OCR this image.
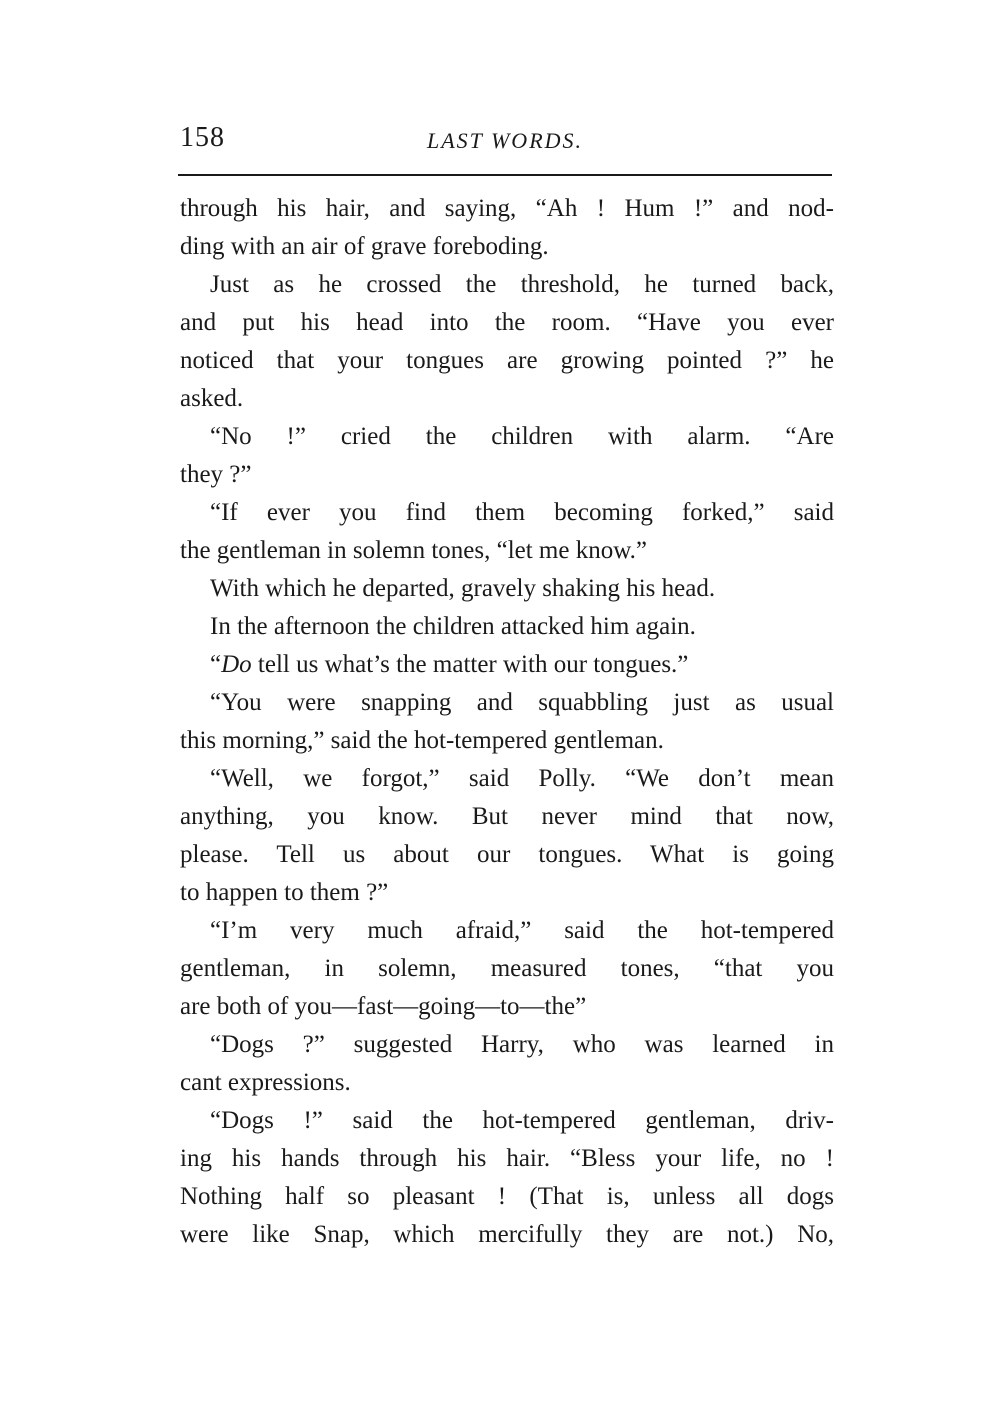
158	LAST WORDS.
through his hair, and saying, “Ah ! Hum !” and nod-
ding with an air of grave foreboding.
Just as he crossed the threshold, he turned back,
and put his head into the room. “Have you ever
noticed that your tongues are growing pointed ?” he
asked.
“No !” cried the children with alarm. “Are
they ?”
“If ever you find them becoming forked,” said
the gentleman in solemn tones, “let me know.”
With which he departed, gravely shaking his head.
In the afternoon the children attacked him again.
“Do tell us what’s the matter with our tongues.”
“You were snapping and squabbling just as usual
this morning,” said the hot-tempered gentleman.
“Well, we forgot,” said Polly. “We don’t mean
anything, you know. But never mind that now,
please. Tell us about our tongues. What is going
to happen to them ?”
“I’m very much afraid,” said the hot-tempered
gentleman, in solemn, measured tones, “that you
are both of you—fast—going—to—the”
“Dogs ?” suggested Harry, who was learned in
cant expressions.
“Dogs !” said the hot-tempered gentleman, driv-
ing his hands through his hair. “Bless your life, no !
Nothing half so pleasant ! (That is, unless all dogs
were like Snap, which mercifully they are not.) No,
